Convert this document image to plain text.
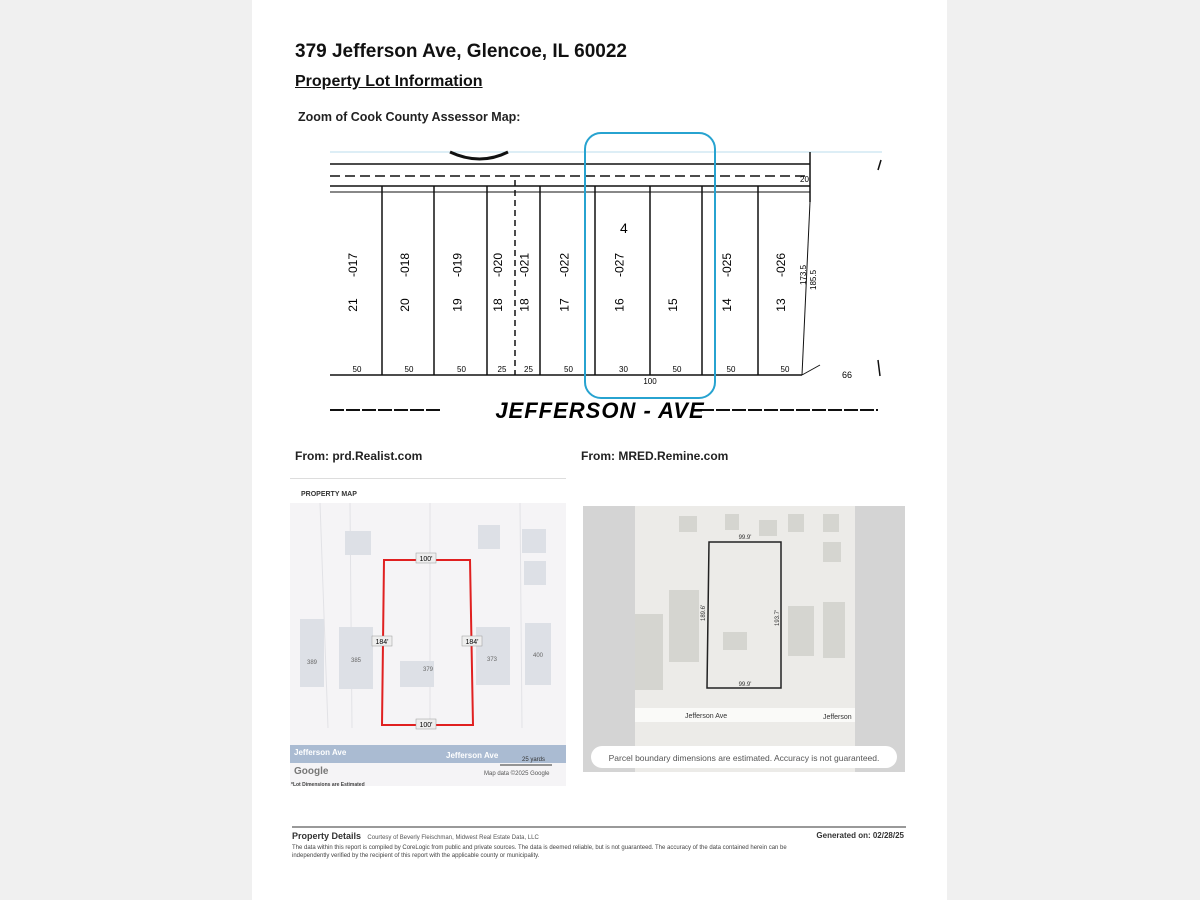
379 Jefferson Ave, Glencoe, IL 60022
Property Lot Information
Zoom of Cook County Assessor Map:
-017
21
50
-018
20
50
-019
19
50
-020
18
25
-021
18
25
-022
17
50
-027
16
30
15
50
-025
14
50
-026
13
50
4
100
173.5 185.5
20
66
JEFFERSON - AVE
From: prd.Realist.com	From: MRED.Remine.com
PROPERTY MAP
389	385
379
373
400
100'
100'
184'	184'
Jefferson Ave	Jefferson Ave	25 yards
Google	Map data ©2025 Google
*Lot Dimensions are Estimated
99.9'
99.9'
189.6'	193.7'
Jefferson Ave	Jefferson
Parcel boundary dimensions are estimated. Accuracy is not guaranteed.
Property Details Courtesy of Beverly Fleischman, Midwest Real Estate Data, LLC	Generated on: 02/28/25
The data within this report is compiled by CoreLogic from public and private sources. The data is deemed reliable, but is not guaranteed. The accuracy of the data contained herein can be independently verified by the recipient of this report with the applicable county or municipality.
